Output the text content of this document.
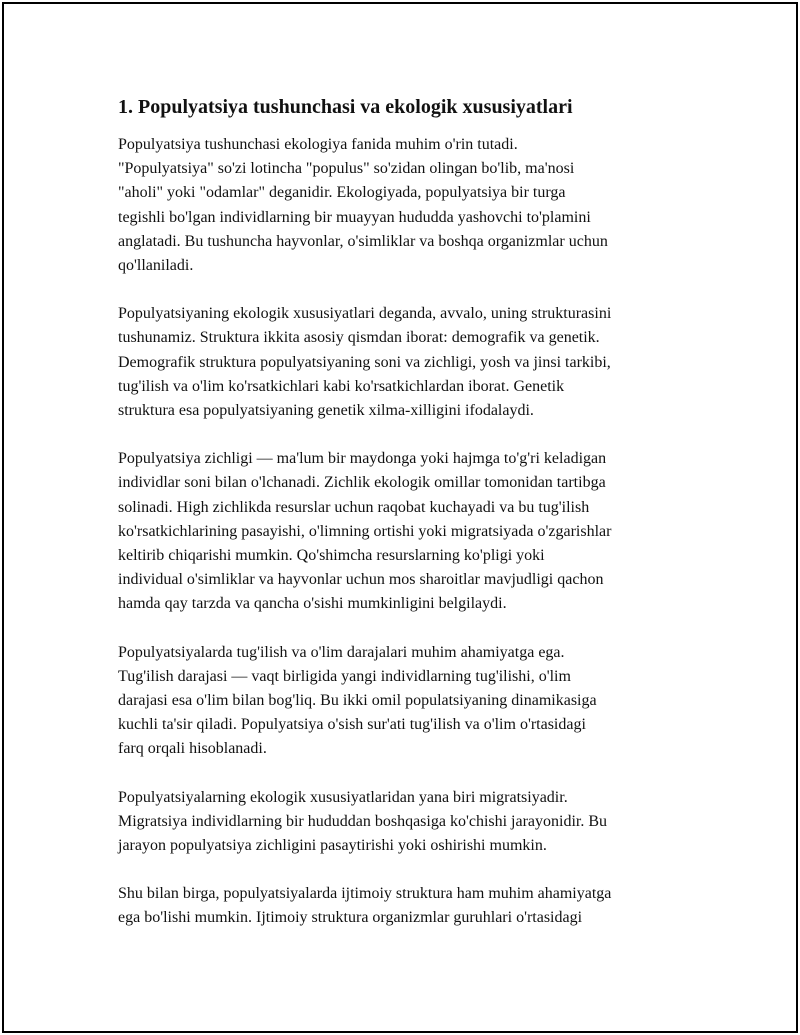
1. Populyatsiya tushunchasi va ekologik xususiyatlari

Populyatsiya tushunchasi ekologiya fanida muhim o'rin tutadi.
"Populyatsiya" so'zi lotincha "populus" so'zidan olingan bo'lib, ma'nosi
"aholi" yoki "odamlar" deganidir. Ekologiyada, populyatsiya bir turga
tegishli bo'lgan individlarning bir muayyan hududda yashovchi to'plamini
anglatadi. Bu tushuncha hayvonlar, o'simliklar va boshqa organizmlar uchun
qo'llaniladi.

Populyatsiyaning ekologik xususiyatlari deganda, avvalo, uning strukturasini
tushunamiz. Struktura ikkita asosiy qismdan iborat: demografik va genetik.
Demografik struktura populyatsiyaning soni va zichligi, yosh va jinsi tarkibi,
tug'ilish va o'lim ko'rsatkichlari kabi ko'rsatkichlardan iborat. Genetik
struktura esa populyatsiyaning genetik xilma-xilligini ifodalaydi.

Populyatsiya zichligi — ma'lum bir maydonga yoki hajmga to'g'ri keladigan
individlar soni bilan o'lchanadi. Zichlik ekologik omillar tomonidan tartibga
solinadi. High zichlikda resurslar uchun raqobat kuchayadi va bu tug'ilish
ko'rsatkichlarining pasayishi, o'limning ortishi yoki migratsiyada o'zgarishlar
keltirib chiqarishi mumkin. Qo'shimcha resurslarning ko'pligi yoki
individual o'simliklar va hayvonlar uchun mos sharoitlar mavjudligi qachon
hamda qay tarzda va qancha o'sishi mumkinligini belgilaydi.

Populyatsiyalarda tug'ilish va o'lim darajalari muhim ahamiyatga ega.
Tug'ilish darajasi — vaqt birligida yangi individlarning tug'ilishi, o'lim
darajasi esa o'lim bilan bog'liq. Bu ikki omil populatsiyaning dinamikasiga
kuchli ta'sir qiladi. Populyatsiya o'sish sur'ati tug'ilish va o'lim o'rtasidagi
farq orqali hisoblanadi.

Populyatsiyalarning ekologik xususiyatlaridan yana biri migratsiyadir.
Migratsiya individlarning bir hududdan boshqasiga ko'chishi jarayonidir. Bu
jarayon populyatsiya zichligini pasaytirishi yoki oshirishi mumkin.

Shu bilan birga, populyatsiyalarda ijtimoiy struktura ham muhim ahamiyatga
ega bo'lishi mumkin. Ijtimoiy struktura organizmlar guruhlari o'rtasidagi
